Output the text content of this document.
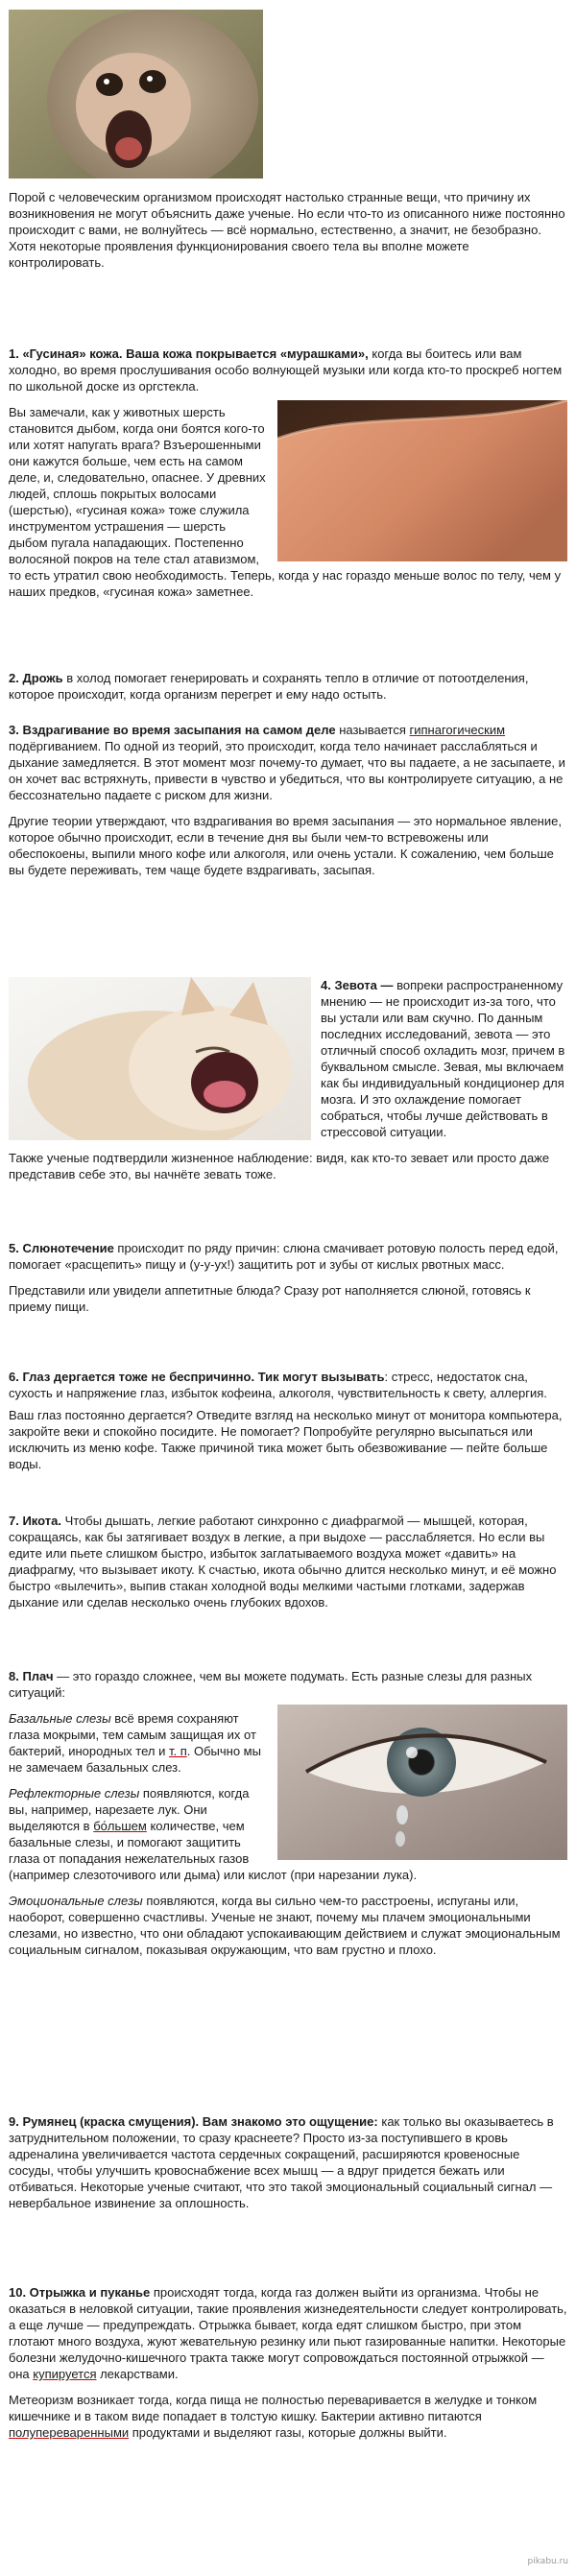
Порой с человеческим организмом происходят настолько странные вещи, что причину их возникновения не могут объяснить даже ученые. Но если что-то из описанного ниже постоянно происходит с вами, не волнуйтесь — всё нормально, естественно, а значит, не безобразно. Хотя некоторые проявления функционирования своего тела вы вполне можете контролировать.

1. «Гусиная» кожа. Ваша кожа покрывается «мурашками», когда вы боитесь или вам холодно, во время прослушивания особо волнующей музыки или когда кто-то проскреб ногтем по школьной доске из оргстекла.

Вы замечали, как у животных шерсть становится дыбом, когда они боятся кого-то или хотят напугать врага? Взъерошенными они кажутся больше, чем есть на самом деле, и, следовательно, опаснее. У древних людей, сплошь покрытых волосами (шерстью), «гусиная кожа» тоже служила инструментом устрашения — шерсть дыбом пугала нападающих. Постепенно волосяной покров на теле стал атавизмом, то есть утратил свою необходимость. Теперь, когда у нас гораздо меньше волос по телу, чем у наших предков, «гусиная кожа» заметнее.

2. Дрожь в холод помогает генерировать и сохранять тепло в отличие от потоотделения, которое происходит, когда организм перегрет и ему надо остыть.

3. Вздрагивание во время засыпания на самом деле называется гипнагогическим подёргиванием. По одной из теорий, это происходит, когда тело начинает расслабляться и дыхание замедляется. В этот момент мозг почему-то думает, что вы падаете, а не засыпаете, и он хочет вас встряхнуть, привести в чувство и убедиться, что вы контролируете ситуацию, а не бессознательно падаете с риском для жизни.

Другие теории утверждают, что вздрагивания во время засыпания — это нормальное явление, которое обычно происходит, если в течение дня вы были чем-то встревожены или обеспокоены, выпили много кофе или алкоголя, или очень устали. К сожалению, чем больше вы будете переживать, тем чаще будете вздрагивать, засыпая.

4. Зевота — вопреки распространенному мнению — не происходит из-за того, что вы устали или вам скучно. По данным последних исследований, зевота — это отличный способ охладить мозг, причем в буквальном смысле. Зевая, мы включаем как бы индивидуальный кондиционер для мозга. И это охлаждение помогает собраться, чтобы лучше действовать в стрессовой ситуации.

Также ученые подтвердили жизненное наблюдение: видя, как кто-то зевает или просто даже представив себе это, вы начнёте зевать тоже.

5. Слюнотечение происходит по ряду причин: слюна смачивает ротовую полость перед едой, помогает «расщепить» пищу и (у-у-ух!) защитить рот и зубы от кислых рвотных масс.

Представили или увидели аппетитные блюда? Сразу рот наполняется слюной, готовясь к приему пищи.

6. Глаз дергается тоже не беспричинно. Тик могут вызывать: стресс, недостаток сна, сухость и напряжение глаз, избыток кофеина, алкоголя, чувствительность к свету, аллергия.

Ваш глаз постоянно дергается? Отведите взгляд на несколько минут от монитора компьютера, закройте веки и спокойно посидите. Не помогает? Попробуйте регулярно высыпаться или исключить из меню кофе. Также причиной тика может быть обезвоживание — пейте больше воды.

7. Икота. Чтобы дышать, легкие работают синхронно с диафрагмой — мышцей, которая, сокращаясь, как бы затягивает воздух в легкие, а при выдохе — расслабляется. Но если вы едите или пьете слишком быстро, избыток заглатываемого воздуха может «давить» на диафрагму, что вызывает икоту. К счастью, икота обычно длится несколько минут, и её можно быстро «вылечить», выпив стакан холодной воды мелкими частыми глотками, задержав дыхание или сделав несколько очень глубоких вдохов.

8. Плач — это гораздо сложнее, чем вы можете подумать. Есть разные слезы для разных ситуаций:

Базальные слезы всё время сохраняют глаза мокрыми, тем самым защищая их от бактерий, инородных тел и т. п. Обычно мы не замечаем базальных слез.

Рефлекторные слезы появляются, когда вы, например, нарезаете лук. Они выделяются в бо́льшем количестве, чем базальные слезы, и помогают защитить глаза от попадания нежелательных газов (например слезоточивого или дыма) или кислот (при нарезании лука).

Эмоциональные слезы появляются, когда вы сильно чем-то расстроены, испуганы или, наоборот, совершенно счастливы. Ученые не знают, почему мы плачем эмоциональными слезами, но известно, что они обладают успокаивающим действием и служат эмоциональным социальным сигналом, показывая окружающим, что вам грустно и плохо.

9. Румянец (краска смущения). Вам знакомо это ощущение: как только вы оказываетесь в затруднительном положении, то сразу краснеете? Просто из-за поступившего в кровь адреналина увеличивается частота сердечных сокращений, расширяются кровеносные сосуды, чтобы улучшить кровоснабжение всех мышц — а вдруг придется бежать или отбиваться. Некоторые ученые считают, что это такой эмоциональный социальный сигнал — невербальное извинение за оплошность.

10. Отрыжка и пуканье происходят тогда, когда газ должен выйти из организма. Чтобы не оказаться в неловкой ситуации, такие проявления жизнедеятельности следует контролировать, а еще лучше — предупреждать. Отрыжка бывает, когда едят слишком быстро, при этом глотают много воздуха, жуют жевательную резинку или пьют газированные напитки. Некоторые болезни желудочно-кишечного тракта также могут сопровождаться постоянной отрыжкой — она купируется лекарствами.

Метеоризм возникает тогда, когда пища не полностью переваривается в желудке и тонком кишечнике и в таком виде попадает в толстую кишку. Бактерии активно питаются полупереваренными продуктами и выделяют газы, которые должны выйти.

pikabu.ru
